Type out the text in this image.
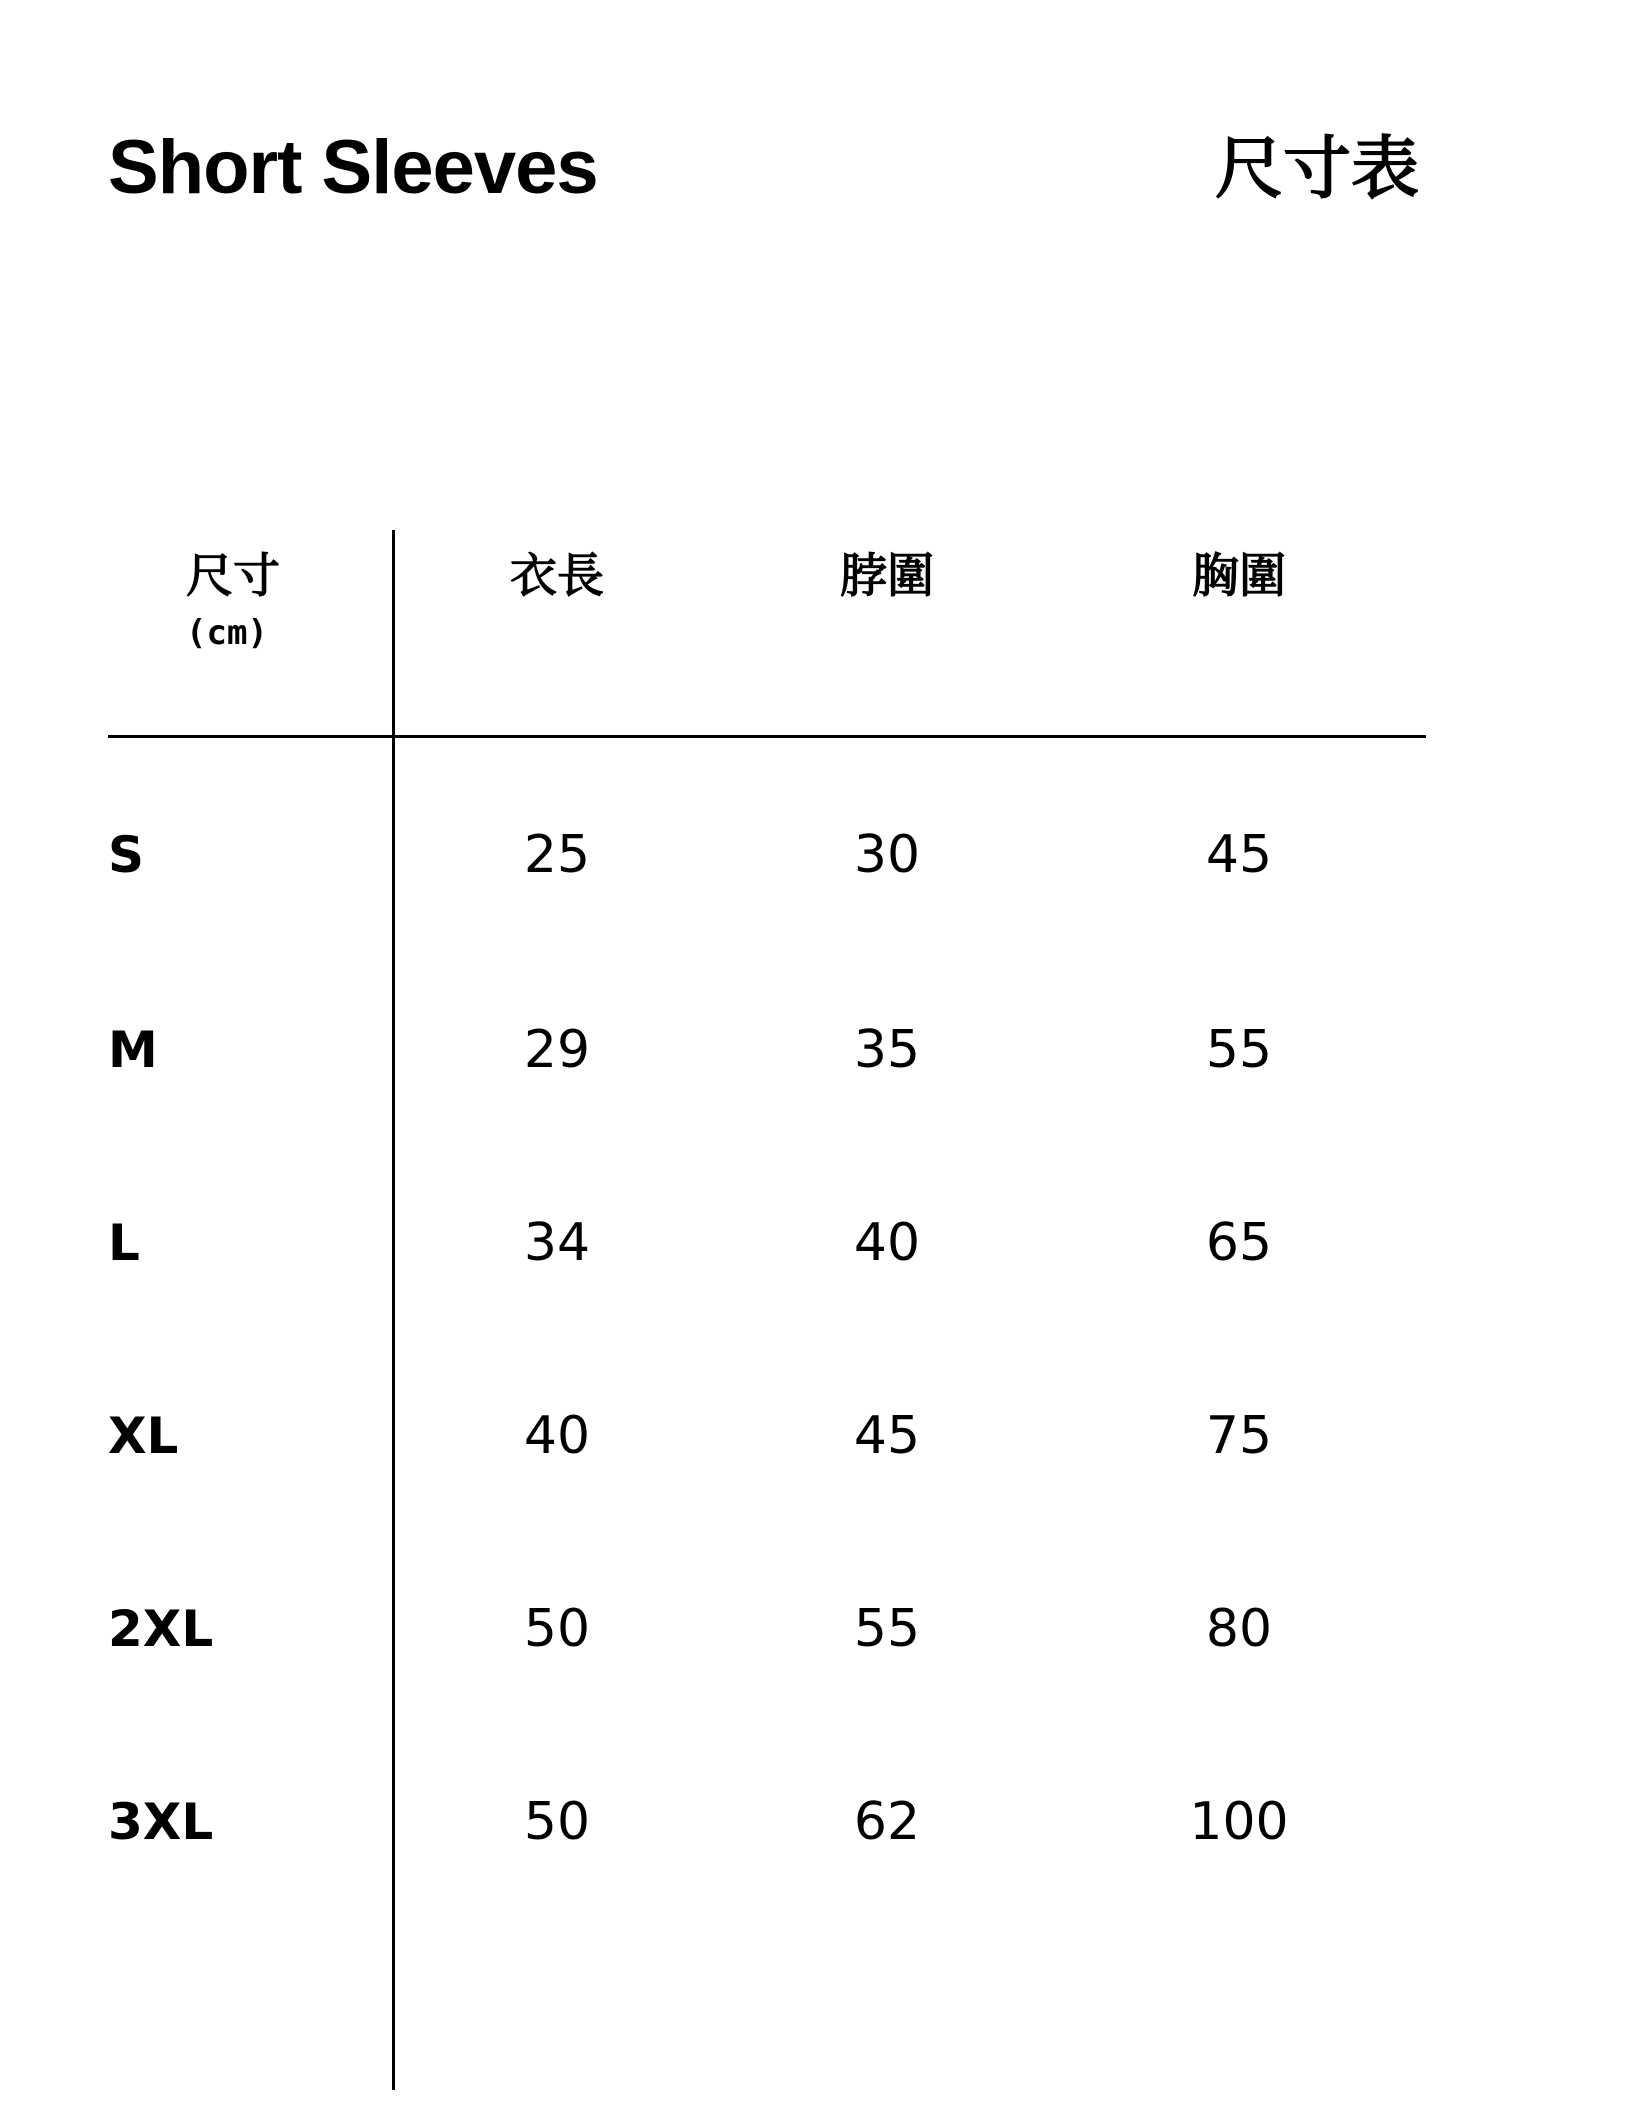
Short Sleeves	尺寸表
尺寸
(cm)	衣長	脖圍	胸圍

S	25	30	45
M	29	35	55
L	34	40	65
XL	40	45	75
2XL	50	55	80
3XL	50	62	100
